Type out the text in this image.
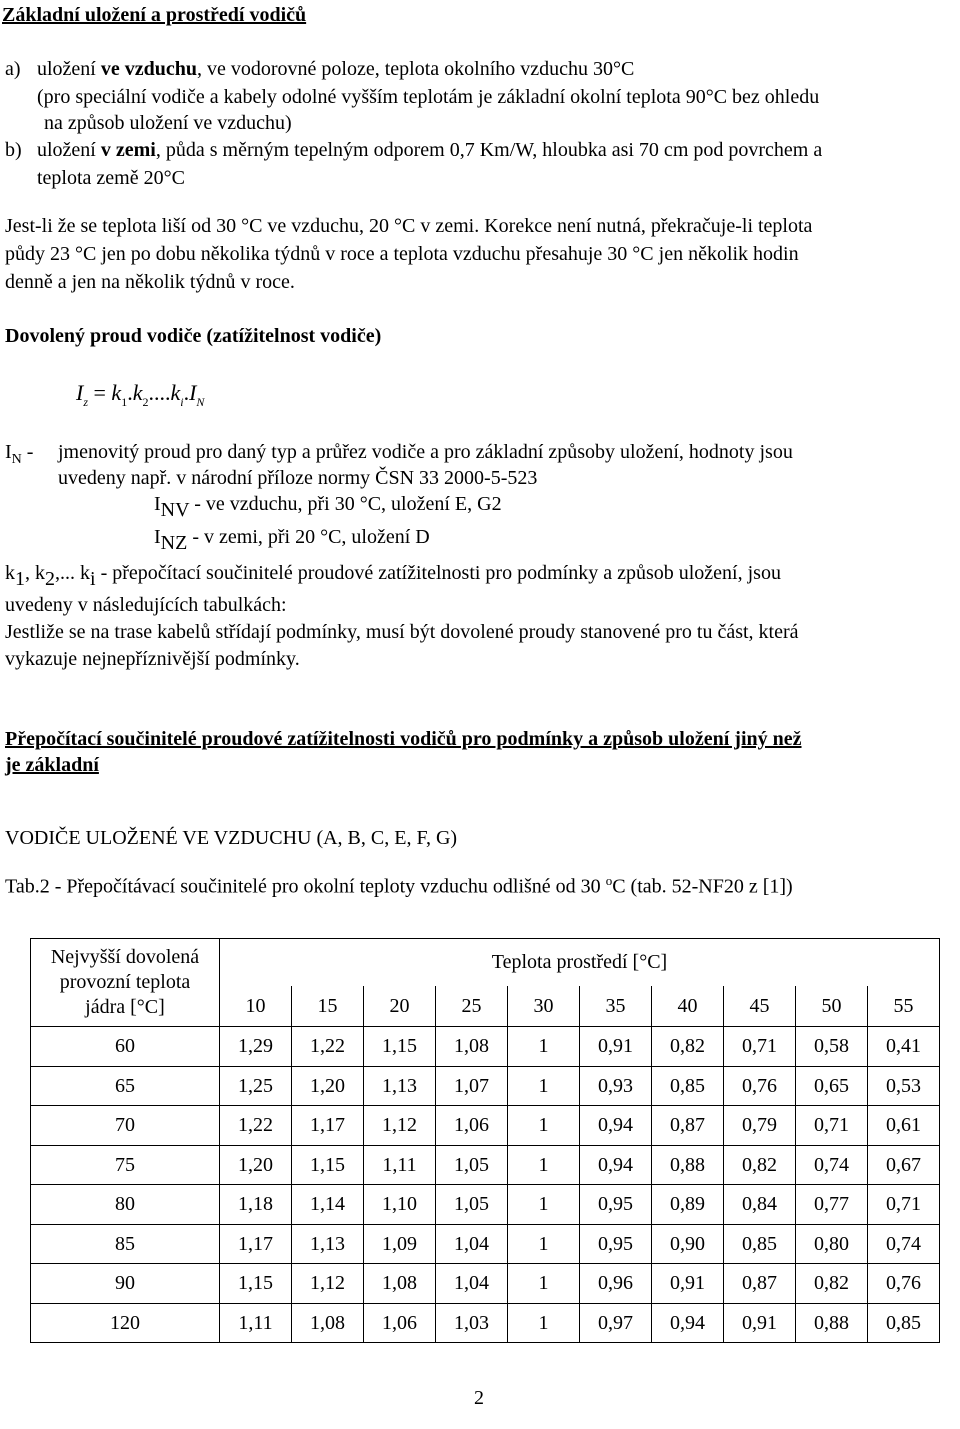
Základní uložení a prostředí vodičů
a) uložení ve vzduchu, ve vodorovné poloze, teplota okolního vzduchu 30°C
(pro speciální vodiče a kabely odolné vyšším teplotám je základní okolní teplota 90°C bez ohledu
na způsob uložení ve vzduchu)
b) uložení v zemi, půda s měrným tepelným odporem 0,7 Km/W, hloubka asi 70 cm pod povrchem a
teplota země 20°C
Jest-li že se teplota liší od 30 °C ve vzduchu, 20 °C v zemi. Korekce není nutná, překračuje-li teplota
půdy 23 °C jen po dobu několika týdnů v roce a teplota vzduchu přesahuje 30 °C jen několik hodin
denně a jen na několik týdnů v roce.
Dovolený proud vodiče (zatížitelnost vodiče)
$I_z = k_1.k_2....k_i.I_N$
$I_N$ - jmenovitý proud pro daný typ a průřez vodiče a pro základní způsoby uložení, hodnoty jsou
uvedeny např. v národní příloze normy ČSN 33 2000-5-523
INV - ve vzduchu, při 30 °C, uložení E, G2
INZ - v zemi, při 20 °C, uložení D
k1, k2,... ki - přepočítací součinitelé proudové zatížitelnosti pro podmínky a způsob uložení, jsou
uvedeny v následujících tabulkách:
Jestliže se na trase kabelů střídají podmínky, musí být dovolené proudy stanovené pro tu část, která
vykazuje nejnepříznivější podmínky.
Přepočítací součinitelé proudové zatížitelnosti vodičů pro podmínky a způsob uložení jiný než
je základní
VODIČE ULOŽENÉ VE VZDUCHU (A, B, C, E, F, G)
Tab.2 - Přepočítávací součinitelé pro okolní teploty vzduchu odlišné od 30 $^o$C (tab. 52-NF20 z [1])
Nejvyšší dovolená
provozní teplota
jádra [°C]	Teplota prostředí [°C]									
	10	15	20	25	30	35	40	45	50	55
60	1,29	1,22	1,15	1,08	1	0,91	0,82	0,71	0,58	0,41
65	1,25	1,20	1,13	1,07	1	0,93	0,85	0,76	0,65	0,53
70	1,22	1,17	1,12	1,06	1	0,94	0,87	0,79	0,71	0,61
75	1,20	1,15	1,11	1,05	1	0,94	0,88	0,82	0,74	0,67
80	1,18	1,14	1,10	1,05	1	0,95	0,89	0,84	0,77	0,71
85	1,17	1,13	1,09	1,04	1	0,95	0,90	0,85	0,80	0,74
90	1,15	1,12	1,08	1,04	1	0,96	0,91	0,87	0,82	0,76
120	1,11	1,08	1,06	1,03	1	0,97	0,94	0,91	0,88	0,85
2
